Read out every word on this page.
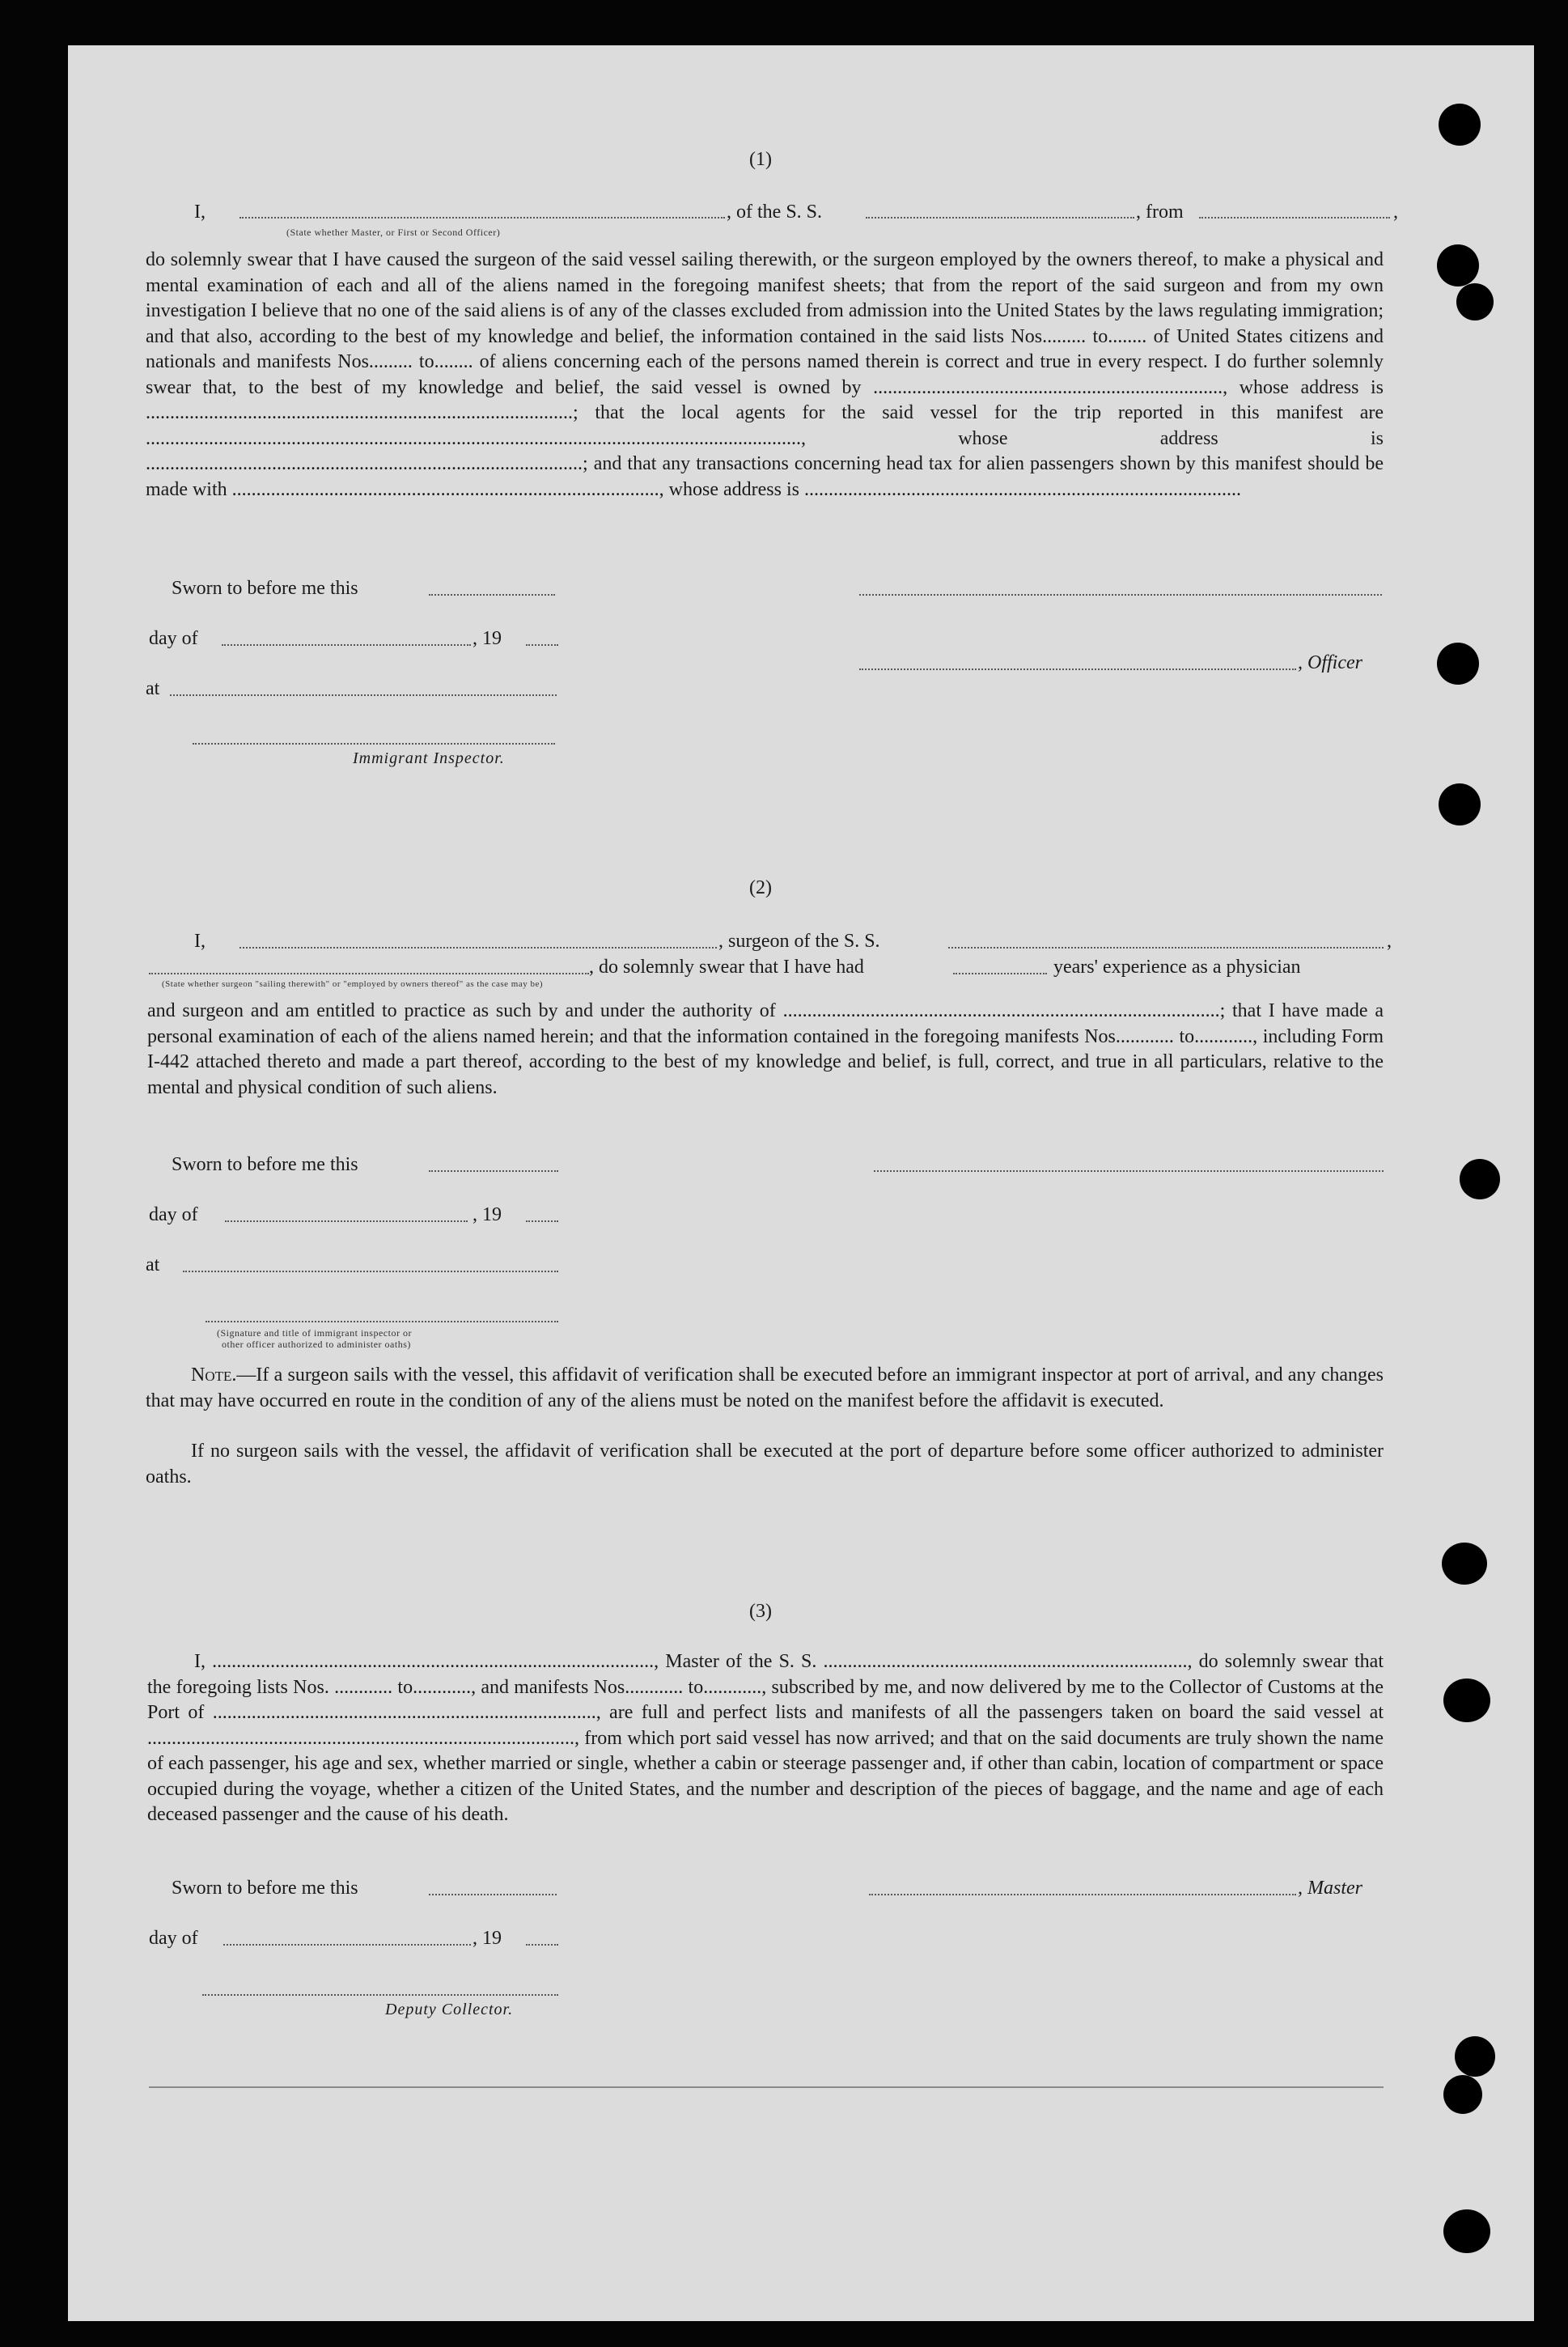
(1)
I,	, of the S. S.	, from	,
(State whether Master, or First or Second Officer)
do solemnly swear that I have caused the surgeon of the said vessel sailing therewith, or the surgeon employed by the owners thereof, to make a physical and mental examination of each and all of the aliens named in the foregoing manifest sheets; that from the report of the said surgeon and from my own investigation I believe that no one of the said aliens is of any of the classes excluded from admission into the United States by the laws regulating immigration; and that also, according to the best of my knowledge and belief, the information contained in the said lists Nos......... to........ of United States citizens and nationals and manifests Nos......... to........ of aliens concerning each of the persons named therein is correct and true in every respect. I do further solemnly swear that, to the best of my knowledge and belief, the said vessel is owned by ........................................................................, whose address is ........................................................................................; that the local agents for the said vessel for the trip reported in this manifest are ......................................................................................................................................., whose address is ..........................................................................................; and that any transactions concerning head tax for alien passengers shown by this manifest should be made with ........................................................................................, whose address is ..........................................................................................
Sworn to before me this
day of	, 19
, Officer
at
Immigrant Inspector.
(2)
I,	, surgeon of the S. S.	,
, do solemnly swear that I have had	years' experience as a physician
(State whether surgeon "sailing therewith" or "employed by owners thereof" as the case may be)
and surgeon and am entitled to practice as such by and under the authority of ..........................................................................................; that I have made a personal examination of each of the aliens named herein; and that the information contained in the foregoing manifests Nos............ to............, including Form I-442 attached thereto and made a part thereof, according to the best of my knowledge and belief, is full, correct, and true in all particulars, relative to the mental and physical condition of such aliens.
Sworn to before me this
day of	, 19
at
(Signature and title of immigrant inspector or
other officer authorized to administer oaths)
Note.—If a surgeon sails with the vessel, this affidavit of verification shall be executed before an immigrant inspector at port of arrival, and any changes that may have occurred en route in the condition of any of the aliens must be noted on the manifest before the affidavit is executed.
If no surgeon sails with the vessel, the affidavit of verification shall be executed at the port of departure before some officer authorized to administer oaths.
(3)
I, ..........................................................................................., Master of the S. S. ..........................................................................., do solemnly swear that the foregoing lists Nos. ............ to............, and manifests Nos............ to............, subscribed by me, and now delivered by me to the Collector of Customs at the Port of ..............................................................................., are full and perfect lists and manifests of all the passengers taken on board the said vessel at ........................................................................................, from which port said vessel has now arrived; and that on the said documents are truly shown the name of each passenger, his age and sex, whether married or single, whether a cabin or steerage passenger and, if other than cabin, location of compartment or space occupied during the voyage, whether a citizen of the United States, and the number and description of the pieces of baggage, and the name and age of each deceased passenger and the cause of his death.
Sworn to before me this	, Master
day of	, 19
Deputy Collector.
